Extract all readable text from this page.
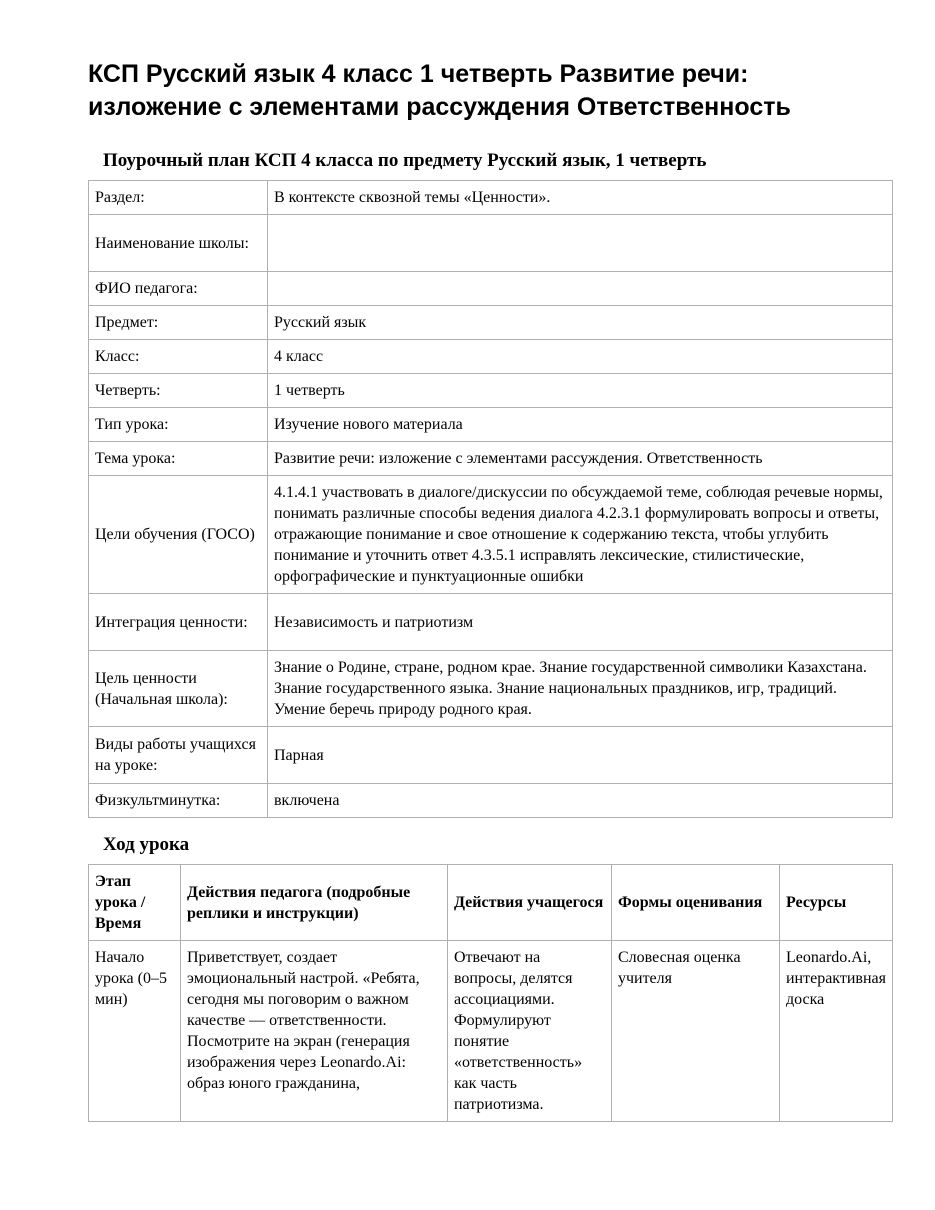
КСП Русский язык 4 класс 1 четверть Развитие речи:
изложение с элементами рассуждения Ответственность
Поурочный план КСП 4 класса по предмету Русский язык, 1 четверть
Раздел:	В контексте сквозной темы «Ценности».
Наименование школы:	
ФИО педагога:	
Предмет:	Русский язык
Класс:	4 класс
Четверть:	1 четверть
Тип урока:	Изучение нового материала
Тема урока:	Развитие речи: изложение с элементами рассуждения. Ответственность
Цели обучения (ГОСО)	4.1.4.1 участвовать в диалоге/дискуссии по обсуждаемой теме, соблюдая речевые нормы, понимать различные способы ведения диалога 4.2.3.1 формулировать вопросы и ответы, отражающие понимание и свое отношение к содержанию текста, чтобы углубить понимание и уточнить ответ 4.3.5.1 исправлять лексические, стилистические, орфографические и пунктуационные ошибки
Интеграция ценности:	Независимость и патриотизм
Цель ценности (Начальная школа):	Знание о Родине, стране, родном крае. Знание государственной символики Казахстана. Знание государственного языка. Знание национальных праздников, игр, традиций. Умение беречь природу родного края.
Виды работы учащихся на уроке:	Парная
Физкультминутка:	включена
Ход урока
Этап урока / Время	Действия педагога (подробные реплики и инструкции)	Действия учащегося	Формы оценивания	Ресурсы
Начало урока (0–5 мин)	Приветствует, создает эмоциональный настрой. «Ребята, сегодня мы поговорим о важном качестве — ответственности. Посмотрите на экран (генерация изображения через Leonardo.Ai: образ юного гражданина,	Отвечают на вопросы, делятся ассоциациями. Формулируют понятие «ответственность» как часть патриотизма.	Словесная оценка учителя	Leonardo.Ai, интерактивная доска
